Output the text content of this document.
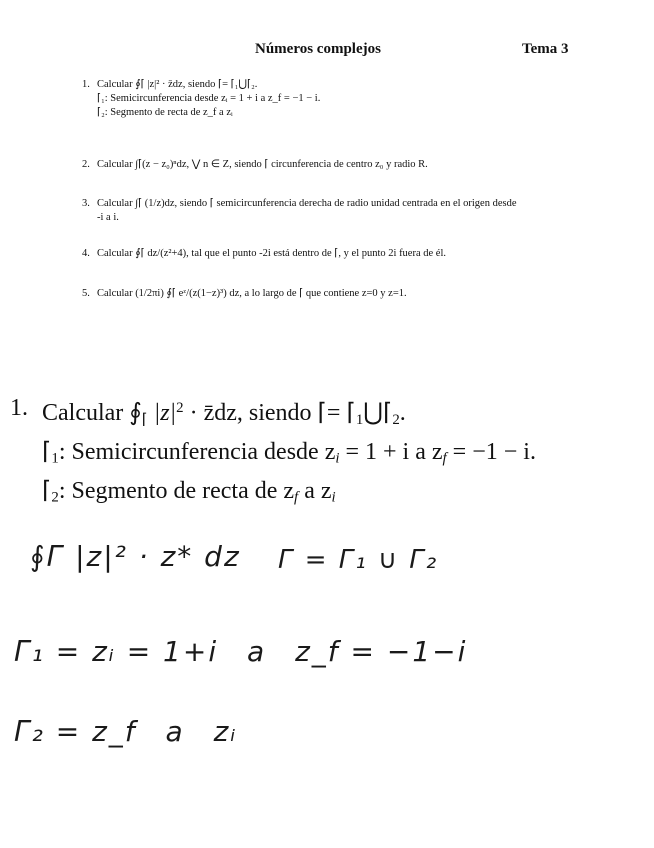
Números complejos	Tema 3
1. Calcular ∮⌈ |z|² · z̄dz, siendo ⌈= ⌈₁⋃⌈₂.
⌈₁: Semicircunferencia desde zᵢ = 1 + i a z_f = −1 − i.
⌈₂: Segmento de recta de z_f a zᵢ
2. Calcular ∫⌈(z − z₀)ⁿdz, ⋁ n ∈ Z, siendo ⌈ circunferencia de centro z₀ y radio R.
3. Calcular ∫⌈ (1/z)dz, siendo ⌈ semicircunferencia derecha de radio unidad centrada en el origen desde
-i a i.
4. Calcular ∮⌈ dz/(z²+4), tal que el punto -2i está dentro de ⌈, y el punto 2i fuera de él.
5. Calcular (1/2πi) ∮⌈ eᶻ/(z(1−z)³) dz, a lo largo de ⌈ que contiene z=0 y z=1.
1. Calcular $∮_⌈$ $|z|^2$ · z̄dz, siendo ⌈= $⌈_1⋃⌈_2$.
$⌈_1$: Semicircunferencia desde $z_i = 1 + i$ a $z_f = -1 - i$.
$⌈_2$: Segmento de recta de $z_f$ a $z_i$
∮Γ |z|² · z* dz Γ = Γ₁ ∪ Γ₂
Γ₁ = zᵢ = 1+i a z_f = −1−i
Γ₂ = z_f a zᵢ
